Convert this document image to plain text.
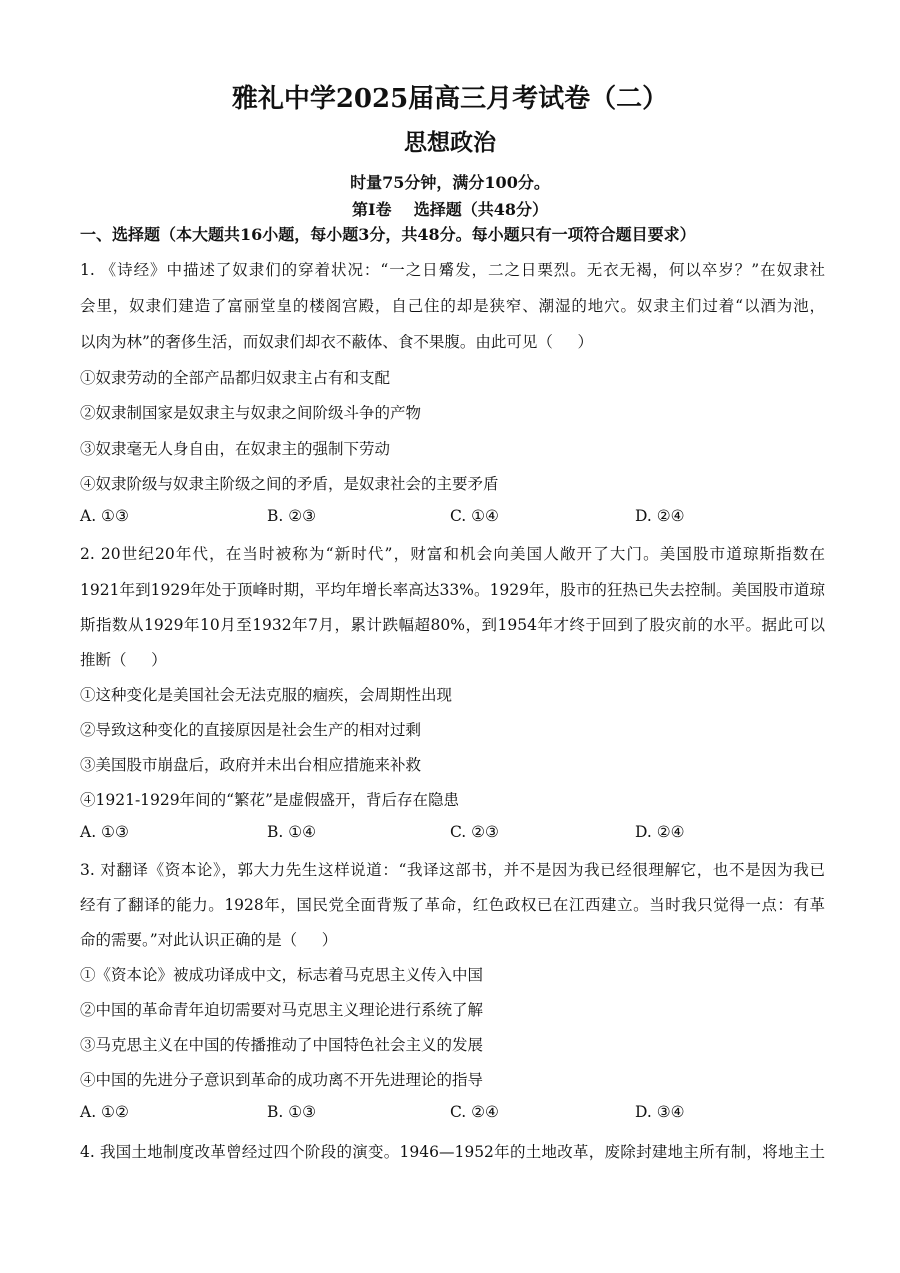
雅礼中学2025届高三月考试卷（二）
思想政治
时量75分钟，满分100分。
第Ⅰ卷    选择题（共48分）
一、选择题（本大题共16小题，每小题3分，共48分。每小题只有一项符合题目要求）
1. 《诗经》中描述了奴隶们的穿着状况：“一之日觱发，二之日栗烈。无衣无褐，何以卒岁？”在奴隶社
会里，奴隶们建造了富丽堂皇的楼阁宫殿，自己住的却是狭窄、潮湿的地穴。奴隶主们过着“以酒为池，
以肉为林”的奢侈生活，而奴隶们却衣不蔽体、食不果腹。由此可见（     ）
①奴隶劳动的全部产品都归奴隶主占有和支配
②奴隶制国家是奴隶主与奴隶之间阶级斗争的产物
③奴隶毫无人身自由，在奴隶主的强制下劳动
④奴隶阶级与奴隶主阶级之间的矛盾，是奴隶社会的主要矛盾
A. ①③	B. ②③	C. ①④	D. ②④
2. 20世纪20年代，在当时被称为“新时代”，财富和机会向美国人敞开了大门。美国股市道琼斯指数在
1921年到1929年处于顶峰时期，平均年增长率高达33%。1929年，股市的狂热已失去控制。美国股市道琼
斯指数从1929年10月至1932年7月，累计跌幅超80%，到1954年才终于回到了股灾前的水平。据此可以
推断（     ）
①这种变化是美国社会无法克服的痼疾，会周期性出现
②导致这种变化的直接原因是社会生产的相对过剩
③美国股市崩盘后，政府并未出台相应措施来补救
④1921-1929年间的“繁花”是虚假盛开，背后存在隐患
A. ①③	B. ①④	C. ②③	D. ②④
3. 对翻译《资本论》，郭大力先生这样说道：“我译这部书，并不是因为我已经很理解它，也不是因为我已
经有了翻译的能力。1928年，国民党全面背叛了革命，红色政权已在江西建立。当时我只觉得一点：有革
命的需要。”对此认识正确的是（     ）
①《资本论》被成功译成中文，标志着马克思主义传入中国
②中国的革命青年迫切需要对马克思主义理论进行系统了解
③马克思主义在中国的传播推动了中国特色社会主义的发展
④中国的先进分子意识到革命的成功离不开先进理论的指导
A. ①②	B. ①③	C. ②④	D. ③④
4. 我国土地制度改革曾经过四个阶段的演变。1946—1952年的土地改革，废除封建地主所有制，将地主土
